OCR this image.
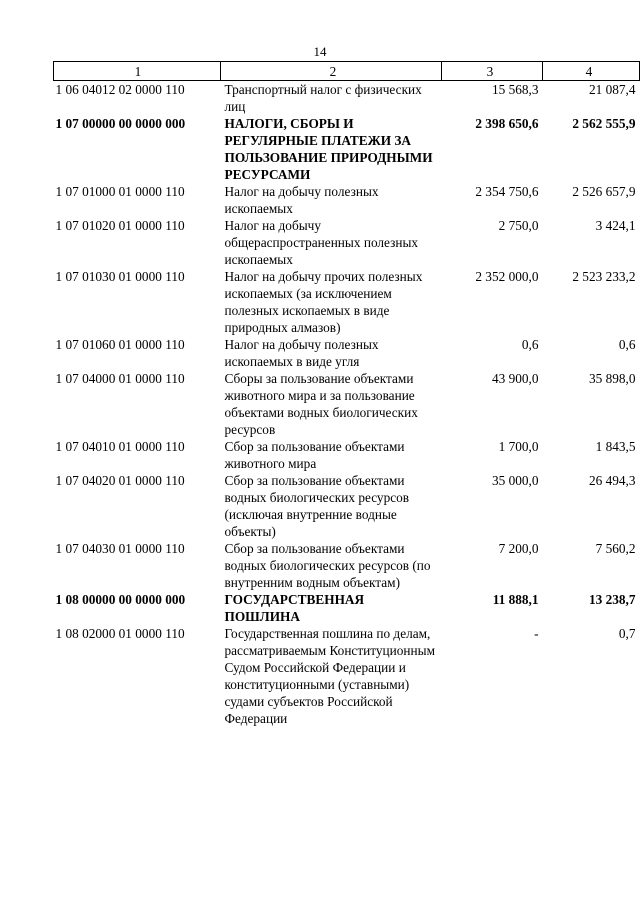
14
1	2	3	4
1 06 04012 02 0000 110	Транспортный налог с физических лиц	15 568,3	21 087,4
1 07 00000 00 0000 000	НАЛОГИ, СБОРЫ И РЕГУЛЯРНЫЕ ПЛАТЕЖИ ЗА ПОЛЬЗОВАНИЕ ПРИРОДНЫМИ РЕСУРСАМИ	2 398 650,6	2 562 555,9
1 07 01000 01 0000 110	Налог на добычу полезных ископаемых	2 354 750,6	2 526 657,9
1 07 01020 01 0000 110	Налог на добычу общераспространенных полезных ископаемых	2 750,0	3 424,1
1 07 01030 01 0000 110	Налог на добычу прочих полезных ископаемых (за исключением полезных ископаемых в виде природных алмазов)	2 352 000,0	2 523 233,2
1 07 01060 01 0000 110	Налог на добычу полезных ископаемых в виде угля	0,6	0,6
1 07 04000 01 0000 110	Сборы за пользование объектами животного мира и за пользование объектами водных биологических ресурсов	43 900,0	35 898,0
1 07 04010 01 0000 110	Сбор за пользование объектами животного мира	1 700,0	1 843,5
1 07 04020 01 0000 110	Сбор за пользование объектами водных биологических ресурсов (исключая внутренние водные объекты)	35 000,0	26 494,3
1 07 04030 01 0000 110	Сбор за пользование объектами водных биологических ресурсов (по внутренним водным объектам)	7 200,0	7 560,2
1 08 00000 00 0000 000	ГОСУДАРСТВЕННАЯ ПОШЛИНА	11 888,1	13 238,7
1 08 02000 01 0000 110	Государственная пошлина по делам, рассматриваемым Конституционным Судом Российской Федерации и конституционными (уставными) судами субъектов Российской Федерации	-	0,7
